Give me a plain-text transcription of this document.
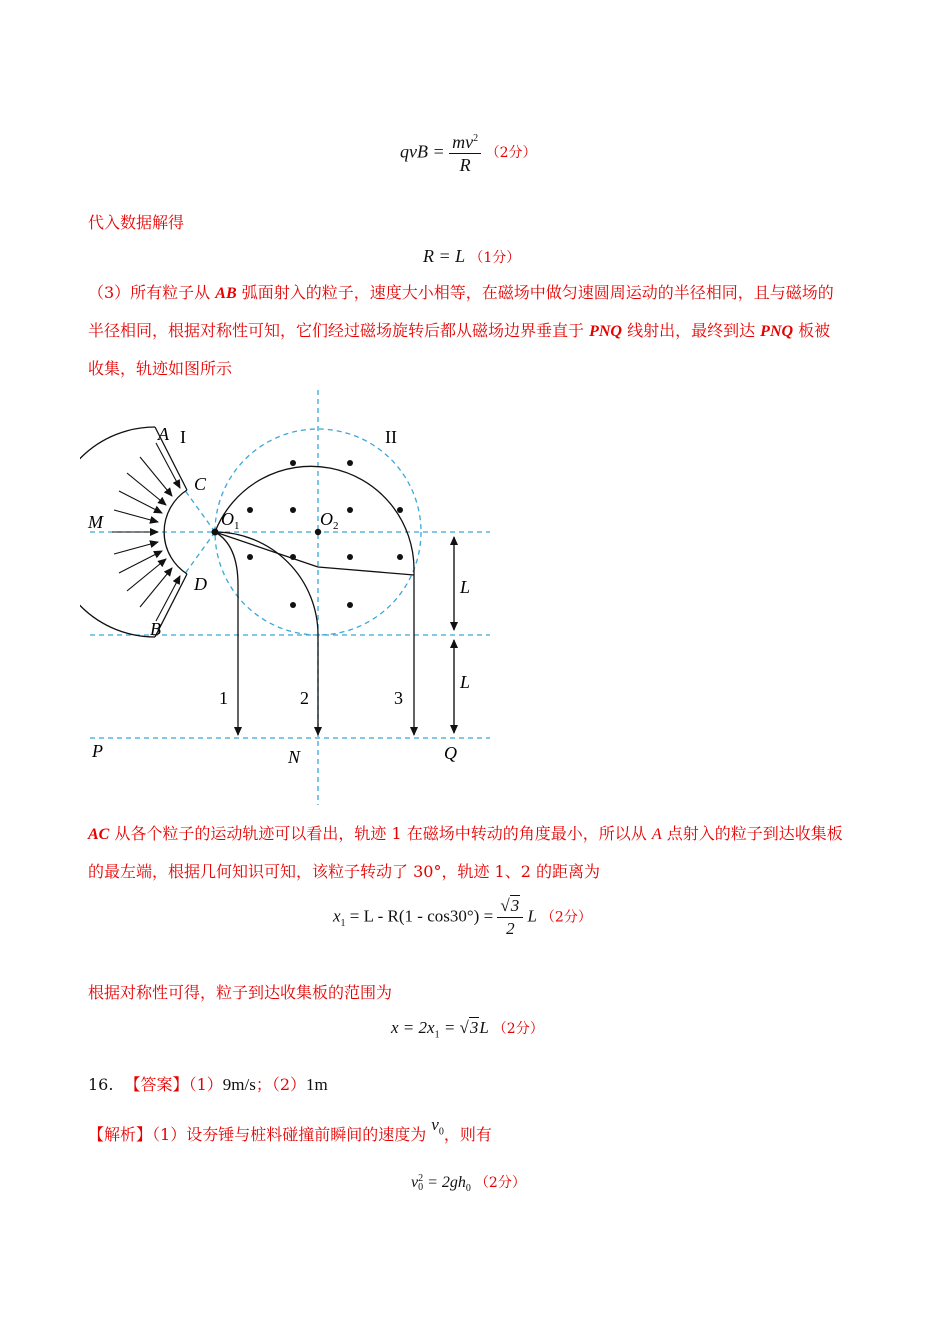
qvB = $\frac{mv^2}{R} (2$分）
代入数据解得
R = L （1分）
（3）所有粒子从 AB 弧面射入的粒子，速度大小相等，在磁场中做匀速圆周运动的半径相同，且与磁场的
半径相同，根据对称性可知，它们经过磁场旋转后都从磁场边界垂直于 PNQ 线射出，最终到达 PNQ 板被
收集，轨迹如图所示
A I	II
C
M
D
B
$O_1$	$O_2$
L
L
1	2	3
P	N	Q
AC 从各个粒子的运动轨迹可以看出，轨迹 1 在磁场中转动的角度最小，所以从 A 点射入的粒子到达收集板
的最左端，根据几何知识可知，该粒子转动了 30°，轨迹 1、2 的距离为
$x_1 = L - R(1 - \cos 30^\circ) = \frac{√3}{2}$ L （2分）
根据对称性可得，粒子到达收集板的范围为
$x = 2x_1 = √3L$ （2分）
16. 【答案】（1）9m/s；（2）1m
【解析】（1）设夯锤与桩料碰撞前瞬间的速度为 $v_0$，则有
v 2
$0 = 2gh_0$ （2分）
